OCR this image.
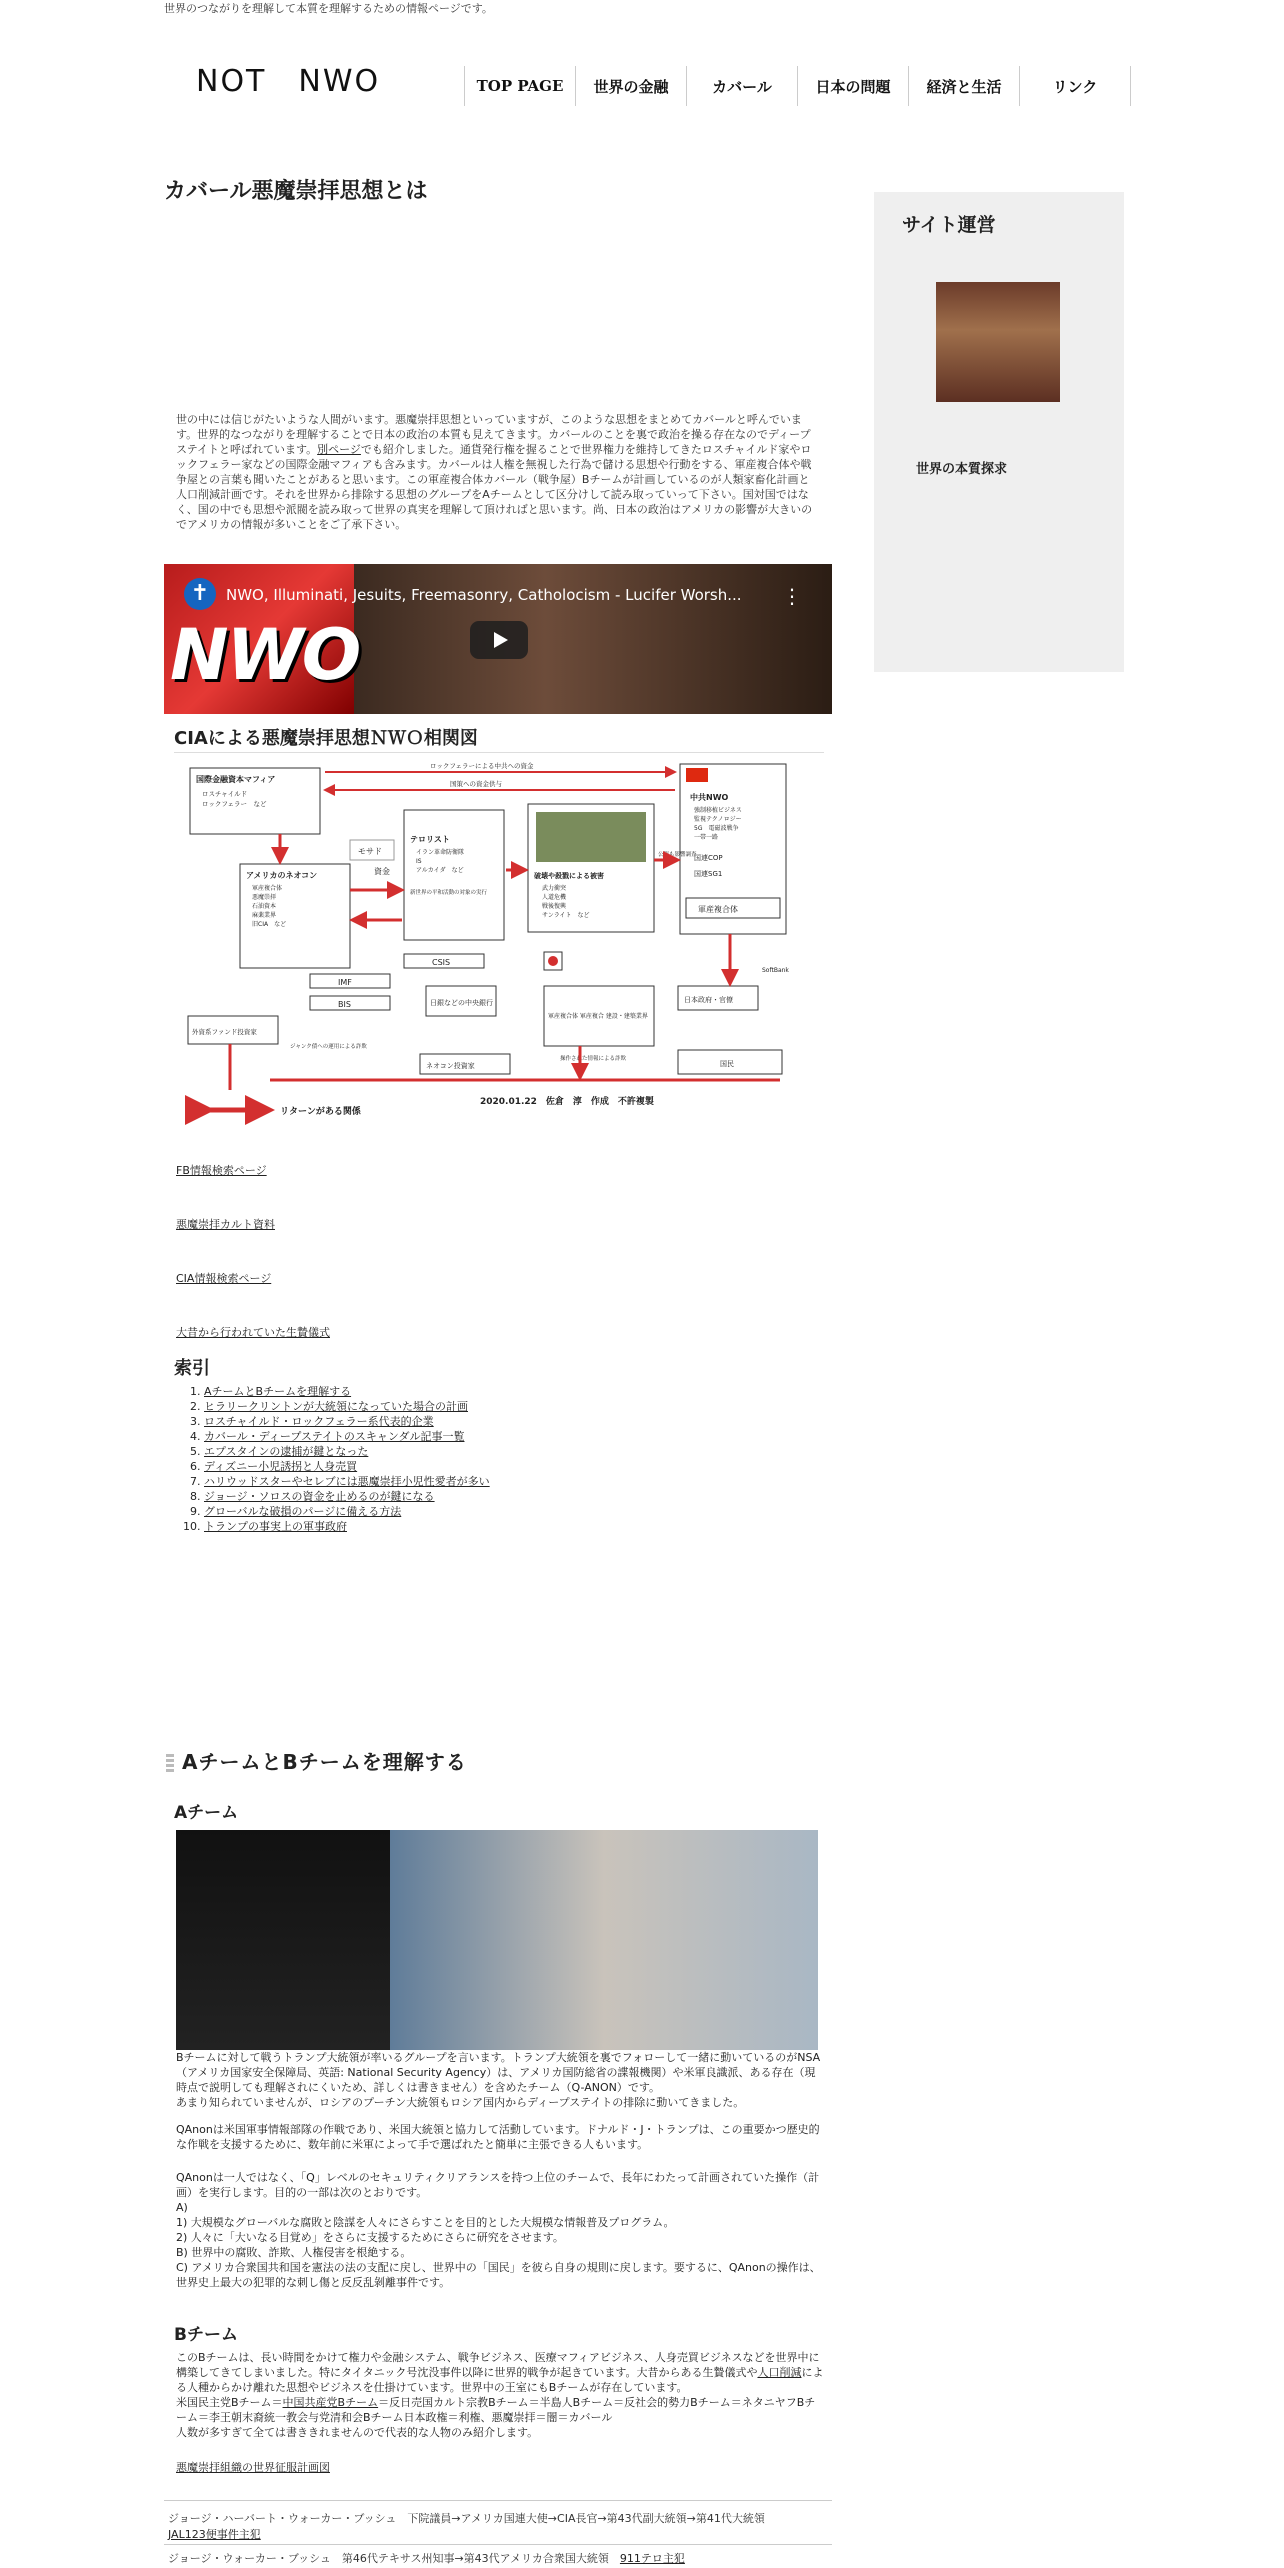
世界のつながりを理解して本質を理解するための情報ページです。
NOT　NWO	TOP PAGE	世界の金融	カバール	日本の問題	経済と生活	リンク
カバール悪魔崇拝思想とは
世の中には信じがたいような人間がいます。悪魔崇拝思想といっていますが、このような思想をまとめてカバールと呼んでいます。世界的なつながりを理解することで日本の政治の本質も見えてきます。カバールのことを裏で政治を操る存在なのでディープステイトと呼ばれています。別ページでも紹介しました。通貨発行権を握ることで世界権力を維持してきたロスチャイルド家やロックフェラー家などの国際金融マフィアも含みます。カバールは人権を無視した行為で儲ける思想や行動をする、軍産複合体や戦争屋との言葉も聞いたことがあると思います。この軍産複合体カバール（戦争屋）Bチームが計画しているのが人類家畜化計画と人口削減計画です。それを世界から排除する思想のグループをAチームとして区分けして読み取っていって下さい。国対国ではなく、国の中でも思想や派閥を読み取って世界の真実を理解して頂ければと思います。尚、日本の政治はアメリカの影響が大きいのでアメリカの情報が多いことをご了承下さい。
NWO
✝	NWO, Illuminati, Jesuits, Freemasonry, Catholocism - Lucifer Worsh... ⋮
CIAによる悪魔崇拝思想ＮＷＯ相関図
国際金融資本マフィア
ロスチャイルド
ロックフェラー　など
ロックフェラーによる中共への資金
国策への資金供与
中共NWO
強制移植ビジネス
監視テクノロジー
5G　電磁波戦争
一帯一路
国連COP
国連SG1
軍産複合体
アメリカのネオコン
軍産複合体
悪魔崇拝
石油資本
麻薬業界
旧CIA　など
モサド
資金
テロリスト
イラン革命防衛隊
IS
アルカイダ　など
新世界の平和活動の対象の実行
破壊や殺戮による被害
武力衝突
人道危機
戦後復興
サンライト　など
公報も影響調査
CSIS
IMF
BIS	日銀などの中央銀行
外資系ファンド投資家
軍産複合体 軍産複合 建設・建築業界
日本政府・官僚
国民
SoftBank
ネオコン投資家
ジャンク債への運用による詐欺
操作された情報による詐欺
リターンがある関係
2020.01.22　佐倉　淳　作成　不許複製
FB情報検索ページ
悪魔崇拝カルト資料
CIA情報検索ページ
大昔から行われていた生贄儀式
索引
1. AチームとBチームを理解する
2. ヒラリークリントンが大統領になっていた場合の計画
3. ロスチャイルド・ロックフェラー系代表的企業
4. カバール・ディープステイトのスキャンダル記事一覧
5. エプスタインの逮捕が鍵となった
6. ディズニー小児誘拐と人身売買
7. ハリウッドスターやセレブには悪魔崇拝小児性愛者が多い
8. ジョージ・ソロスの資金を止めるのが鍵になる
9. グローバルな破損のパージに備える方法
10. トランプの事実上の軍事政府
AチームとBチームを理解する
Aチーム
Bチームに対して戦うトランプ大統領が率いるグループを言います。トランプ大統領を裏でフォローして一緒に動いているのがNSA（アメリカ国家安全保障局、英語: National Security Agency）は、アメリカ国防総省の諜報機関）や米軍良識派、ある存在（現時点で説明しても理解されにくいため、詳しくは書きません）を含めたチーム（Q-ANON）です。
あまり知られていませんが、ロシアのプーチン大統領もロシア国内からディープステイトの排除に動いてきました。
QAnonは米国軍事情報部隊の作戦であり、米国大統領と協力して活動しています。ドナルド・J・トランプは、この重要かつ歴史的な作戦を支援するために、数年前に米軍によって手で選ばれたと簡単に主張できる人もいます。
QAnonは一人ではなく、「Q」レベルのセキュリティクリアランスを持つ上位のチームで、長年にわたって計画されていた操作（計画）を実行します。目的の一部は次のとおりです。
A)
1) 大規模なグローバルな腐敗と陰謀を人々にさらすことを目的とした大規模な情報普及プログラム。
2) 人々に「大いなる目覚め」をさらに支援するためにさらに研究をさせます。
B) 世界中の腐敗、詐欺、人権侵害を根絶する。
C) アメリカ合衆国共和国を憲法の法の支配に戻し、世界中の「国民」を彼ら自身の規則に戻します。要するに、QAnonの操作は、世界史上最大の犯罪的な刺し傷と反反乱剝離事件です。
Bチーム
このBチームは、長い時間をかけて権力や金融システム、戦争ビジネス、医療マフィアビジネス、人身売買ビジネスなどを世界中に構築してきてしまいました。特にタイタニック号沈没事件以降に世界的戦争が起きています。大昔からある生贄儀式や人口削減による人種からかけ離れた思想やビジネスを仕掛けています。世界中の王室にもBチームが存在しています。
米国民主党Bチーム＝中国共産党Bチーム＝反日売国カルト宗教Bチーム＝半島人Bチーム＝反社会的勢力Bチーム＝ネタニヤフBチーム＝李王朝末裔統一教会与党清和会Bチーム日本政権＝利権、悪魔崇拝＝闇＝カバール
人数が多すぎて全ては書ききれませんので代表的な人物のみ紹介します。
悪魔崇拝組織の世界征服計画図
ジョージ・ハーバート・ウォーカー・ブッシュ　下院議員→アメリカ国連大使→CIA長官→第43代副大統領→第41代大統領
JAL123便事件主犯
ジョージ・ウォーカー・ブッシュ　第46代テキサス州知事→第43代アメリカ合衆国大統領　 911テロ主犯
サイト運営
世界の本質探求
